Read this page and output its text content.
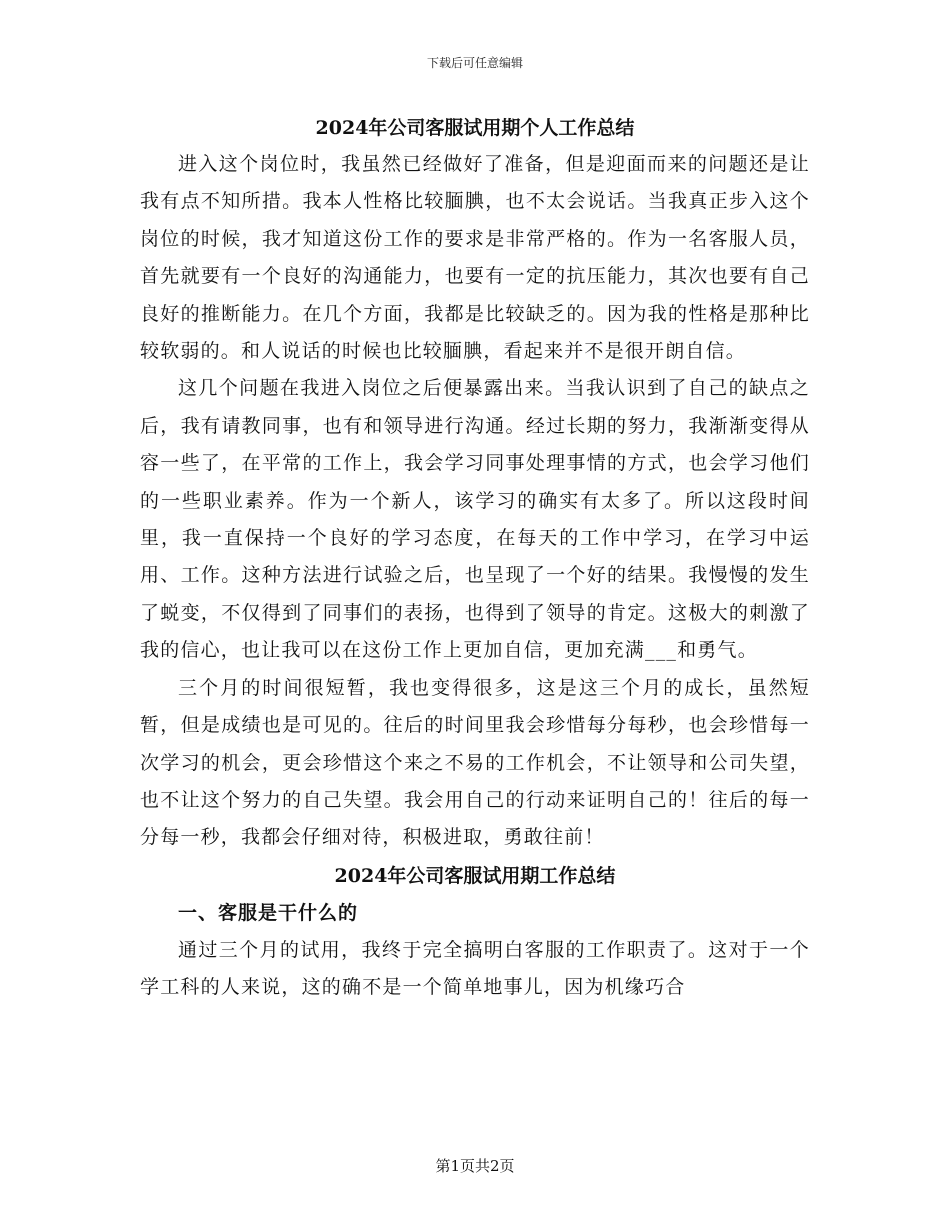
下载后可任意编辑
2024年公司客服试用期个人工作总结

进入这个岗位时，我虽然已经做好了准备，但是迎面而来的问题还是让我有点不知所措。我本人性格比较腼腆，也不太会说话。当我真正步入这个岗位的时候，我才知道这份工作的要求是非常严格的。作为一名客服人员，首先就要有一个良好的沟通能力，也要有一定的抗压能力，其次也要有自己良好的推断能力。在几个方面，我都是比较缺乏的。因为我的性格是那种比较软弱的。和人说话的时候也比较腼腆，看起来并不是很开朗自信。

这几个问题在我进入岗位之后便暴露出来。当我认识到了自己的缺点之后，我有请教同事，也有和领导进行沟通。经过长期的努力，我渐渐变得从容一些了，在平常的工作上，我会学习同事处理事情的方式，也会学习他们的一些职业素养。作为一个新人，该学习的确实有太多了。所以这段时间里，我一直保持一个良好的学习态度，在每天的工作中学习，在学习中运用、工作。这种方法进行试验之后，也呈现了一个好的结果。我慢慢的发生了蜕变，不仅得到了同事们的表扬，也得到了领导的肯定。这极大的刺激了我的信心，也让我可以在这份工作上更加自信，更加充满___和勇气。

三个月的时间很短暂，我也变得很多，这是这三个月的成长，虽然短暂，但是成绩也是可见的。往后的时间里我会珍惜每分每秒，也会珍惜每一次学习的机会，更会珍惜这个来之不易的工作机会，不让领导和公司失望，也不让这个努力的自己失望。我会用自己的行动来证明自己的！往后的每一分每一秒，我都会仔细对待，积极进取，勇敢往前！

2024年公司客服试用期工作总结
一、客服是干什么的

通过三个月的试用，我终于完全搞明白客服的工作职责了。这对于一个学工科的人来说，这的确不是一个简单地事儿，因为机缘巧合

第1页共2页
